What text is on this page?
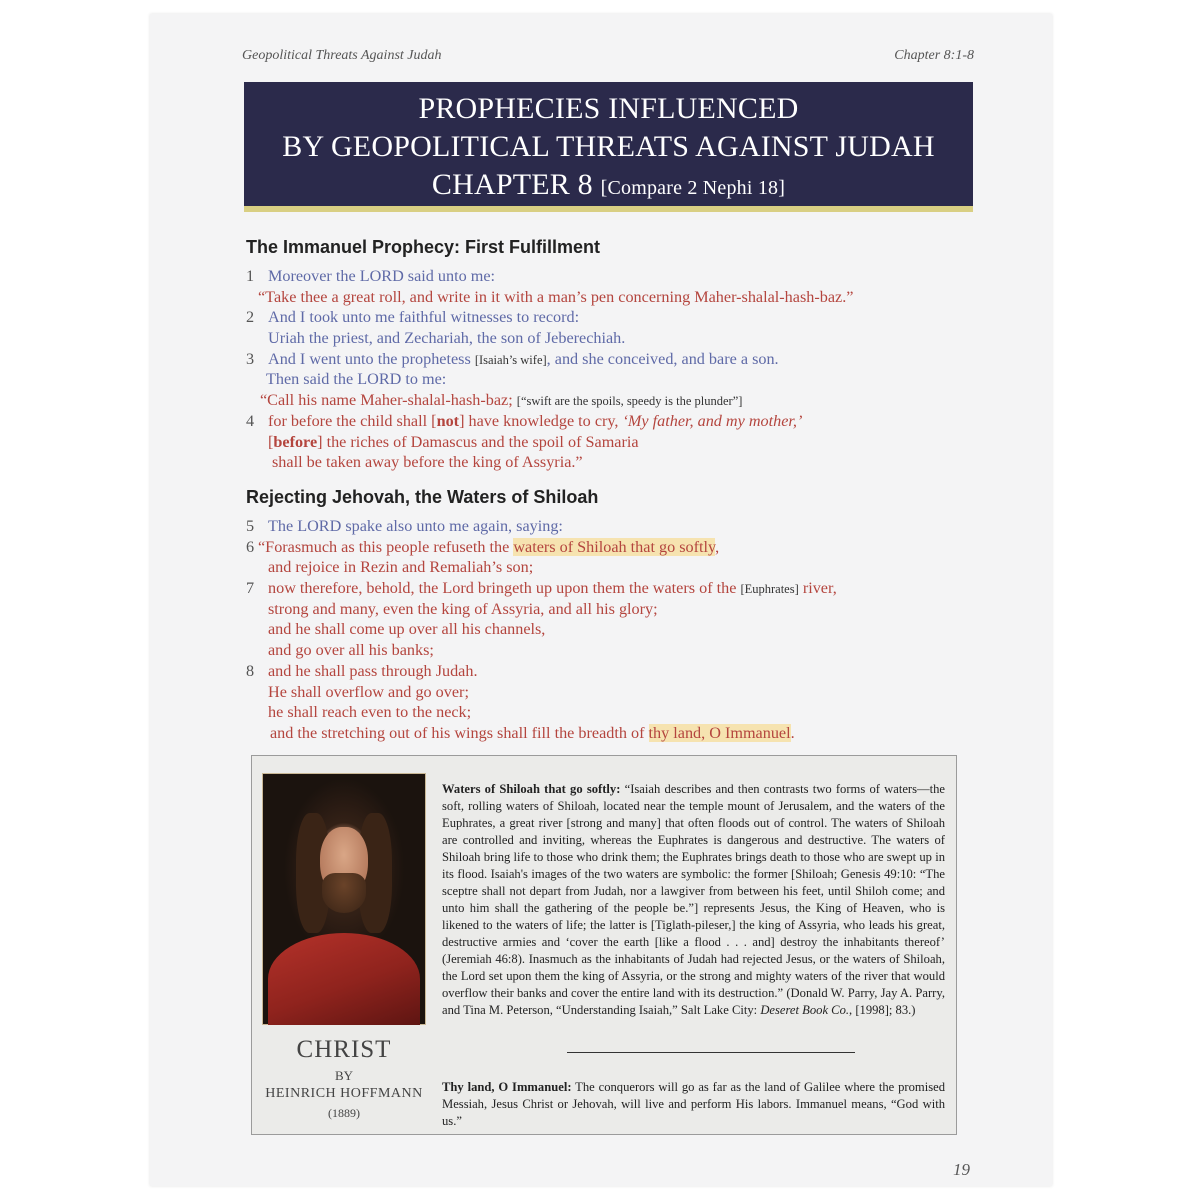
Geopolitical Threats Against Judah	Chapter 8:1-8
PROPHECIES INFLUENCED
BY GEOPOLITICAL THREATS AGAINST JUDAH
CHAPTER 8 [Compare 2 Nephi 18]
The Immanuel Prophecy: First Fulfillment
1 Moreover the LORD said unto me:
“Take thee a great roll, and write in it with a man’s pen concerning Maher-shalal-hash-baz.”
2 And I took unto me faithful witnesses to record:
Uriah the priest, and Zechariah, the son of Jeberechiah.
3 And I went unto the prophetess [Isaiah’s wife], and she conceived, and bare a son.
Then said the LORD to me:
“Call his name Maher-shalal-hash-baz; [“swift are the spoils, speedy is the plunder”]
4 for before the child shall [not] have knowledge to cry, ‘My father, and my mother,’
[before] the riches of Damascus and the spoil of Samaria
shall be taken away before the king of Assyria.”
Rejecting Jehovah, the Waters of Shiloah
5 The LORD spake also unto me again, saying:
6 “Forasmuch as this people refuseth the waters of Shiloah that go softly,
and rejoice in Rezin and Remaliah’s son;
7 now therefore, behold, the Lord bringeth up upon them the waters of the [Euphrates] river,
strong and many, even the king of Assyria, and all his glory;
and he shall come up over all his channels,
and go over all his banks;
8 and he shall pass through Judah.
He shall overflow and go over;
he shall reach even to the neck;
and the stretching out of his wings shall fill the breadth of thy land, O Immanuel.
CHRIST
BY
HEINRICH HOFFMANN
(1889)
Waters of Shiloah that go softly: “Isaiah describes and then contrasts two forms of waters—the soft, rolling waters of Shiloah, located near the temple mount of Jerusalem, and the waters of the Euphrates, a great river [strong and many] that often floods out of control. The waters of Shiloah are controlled and inviting, whereas the Euphrates is dangerous and destructive. The waters of Shiloah bring life to those who drink them; the Euphrates brings death to those who are swept up in its flood. Isaiah's images of the two waters are symbolic: the former [Shiloah; Genesis 49:10: “The sceptre shall not depart from Judah, nor a lawgiver from between his feet, until Shiloh come; and unto him shall the gathering of the people be.”] represents Jesus, the King of Heaven, who is likened to the waters of life; the latter is [Tiglath-pileser,] the king of Assyria, who leads his great, destructive armies and ‘cover the earth [like a flood . . . and] destroy the inhabitants thereof’ (Jeremiah 46:8). Inasmuch as the inhabitants of Judah had rejected Jesus, or the waters of Shiloah, the Lord set upon them the king of Assyria, or the strong and mighty waters of the river that would overflow their banks and cover the entire land with its destruction.” (Donald W. Parry, Jay A. Parry, and Tina M. Peterson, “Understanding Isaiah,” Salt Lake City: Deseret Book Co., [1998]; 83.)
Thy land, O Immanuel: The conquerors will go as far as the land of Galilee where the promised Messiah, Jesus Christ or Jehovah, will live and perform His labors. Immanuel means, “God with us.”
19
